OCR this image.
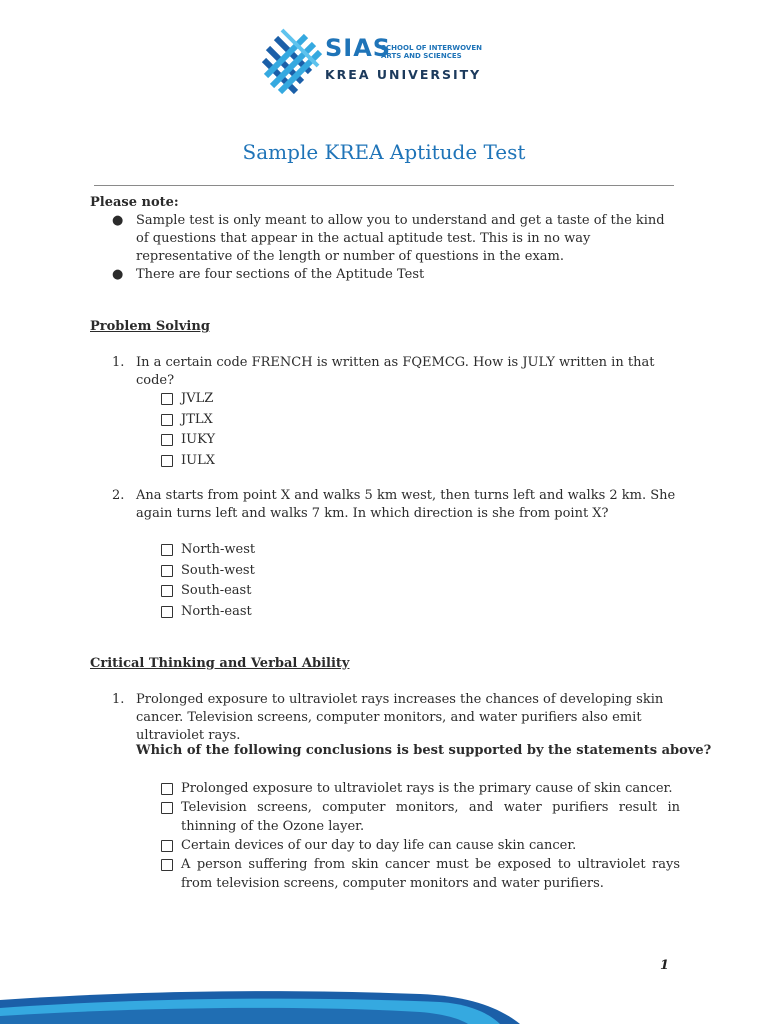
SIAS
SCHOOL OF INTERWOVEN
ARTS AND SCIENCES
KREA UNIVERSITY
Sample KREA Aptitude Test
Please note:
● Sample test is only meant to allow you to understand and get a taste of the kind of questions that appear in the actual aptitude test. This is in no way representative of the length or number of questions in the exam.
● There are four sections of the Aptitude Test
Problem Solving
1. In a certain code FRENCH is written as FQEMCG. How is JULY written in that code?
JVLZ
JTLX
IUKY
IULX
2. Ana starts from point X and walks 5 km west, then turns left and walks 2 km. She again turns left and walks 7 km. In which direction is she from point X?
North-west
South-west
South-east
North-east
Critical Thinking and Verbal Ability
1. Prolonged exposure to ultraviolet rays increases the chances of developing skin cancer. Television screens, computer monitors, and water purifiers also emit ultraviolet rays.
Which of the following conclusions is best supported by the statements above?
Prolonged exposure to ultraviolet rays is the primary cause of skin cancer.
Television screens, computer monitors, and water purifiers result in thinning of the Ozone layer.
Certain devices of our day to day life can cause skin cancer.
A person suffering from skin cancer must be exposed to ultraviolet rays from television screens, computer monitors and water purifiers.
1
